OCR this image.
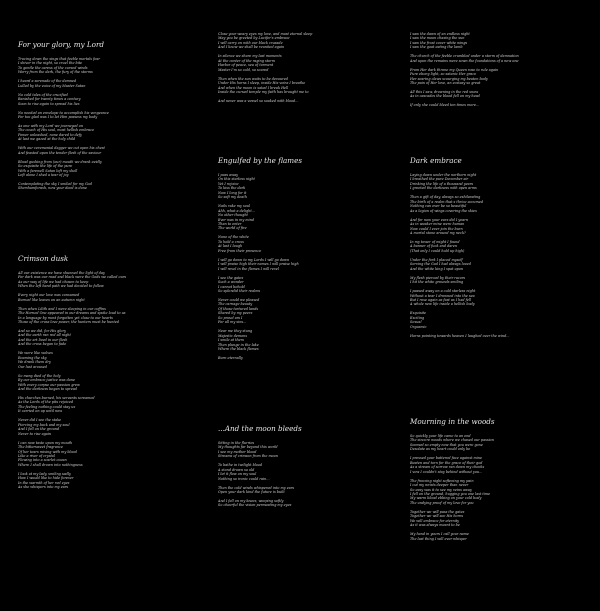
For your glory, my Lord
Tracing down the sings that feeble mortals fear
I shiver in the night, so cruel the bite
To gentle the caress of the cursed winds
Worry from the dark, the fury of the storms
I heard a serenade of the damned
Lulled by the voice of my Master Satan
No cold tales of the crucified
Banished for twenty times a century
Soon to rise again to spread his lies
No needed an envelope to accomplish his vengeance
For too glad was I to let Him possess my body
As one with my Lord we journeyed on
The couch of His soul, most hellish embrace
Power unleashed, none dared to defy
At last we gazed at the holy child
With our ceremonial dagger we cut open his chest
And feasted upon the tender flesh of the saviour
Blood gushing from (our) mouth we drank avidly
So exquisite the life of the pure
With a farewell Satan left my shell
Left alone I shed a tear of joy
Contemplating the sky I smiled for my God
Shemhamforash, now your deed is done
Crimson dusk
All our existence we have shunned the light of day
For dark was our road and black were the Gods we called ours
As our way of life we had chosen to keep
When the left hand path we had decided to follow
Every night our love was consumed
Burned like leaves on an autumn night
Then when Lilith and I were sleeping in our coffins
The Horned One appeared in our dreams and spoke loud to us
In a language by most forgotten yet close to our hearts
Those of the cross love power, the hunters must be hunted
And so we did, for His glory
And the earth ran red all night
And the art lived in our flesh
And the cross began to fade
We were like wolves
Roaming the sky
We drank them dry
Our lust aroused
So many died of the holy
By our embrace justice was done
With every corpse our passion grew
And the darkness began to spread
His churches burned, his servants screamed
As the Lords of the pits rejoiced
The feeling nothing could stay us
It carried on up until now
Never did I see the stake
Piercing my back and my soul
And I fell on the ground
Never to rise again
I can now taste upon my mouth
The bittersweet fragrance
Of her tears mixing with my blood
Like a river of crystal
Flowing into a scarlet ocean
Where I shall drown into nothingness
I look at my lady, smiling sadly
How I would like to hide forever
In the warmth of her red eyes
As she whispers into my ears
Close your weary eyes my love, and most eternal sleep
May you be greeted by Lucifer's embrace
I will carry on with our black crusade
And I know we shall be reunited again
In silence we share my last moments
At the center of the raging storm
Harbor of peace, sea of torment
Master I'm so cold, so scared
Then when the sun waits to be devoured
Under His horns I sleep, inside His veins I breathe
And when the moon is sated I break Hell
Inside the cursed temple my faith has brought me to
And never was a vessel so soaked with blood...
Engulfed by the flames
I pass away
On this starless night
Yet I rejoice
To kiss the dark
Now I long for it
So soft my death
Nails rake my soul
Ahh, what a delight...
No other thought
Ever was in my mind
Than to enter
The world of fire
None of the white
To hold a cross
At last I laugh
Free from their presence
I will go down to my Lords I will go down
I will praise high their names I will praise high
I will revel in the flames I will revel
I see the gates
Such a wonder
I cannot behold
So splendid their realms
Never could we pleased
The carnage beauty
Of those tortured lands
Shared by my peers
So proud am I
For all my sins...
Near me they stung
Majestic demons
I smile at them
Then plunge in the lake
Where the black flames
Burn eternally
...And the moon bleeds
Sitting in the flurries
My thoughts far beyond this world
I see my mother blood
Streams of crimson from the moon
To bathe in twilight blood
A stond drown so old
I let it flow on my soul
Nothing so ironic could rain...
Then the cold winds whispered into my ears
Open your dark kind the future is built
And I fell on my knees, weeping softly
So cheerful the vision permeating my eyes
I saw the dawn of an endless night
I saw the moon chasing the sun
I saw the frost cover white wings
I saw the goat eating the lamb
The church of the feeble crumbled under a storm of damnation
And upon the remains were sown the foundations of a new one
From Her dark throne my Queen rose to rule again
Pure ebony light, so satanic Her grace
Her searing claws scourging my beaten body
The pain of Her love, an ecstasy so great
All this I saw, drowning in the red snow
As in cascades the blood fell on my head
If only she could bleed ten times more...
Dark embrace
Laying down under the northern night
I breathed the pure December air
Drinking the life of a thousand years
I greeted the darkness with open arms
Then a gift of day, always so exhilarating
The birth of a realm that s thrice accursed
Nothing can ever be so beautiful
As a legion of wings covering the skies
And for now your ears did I yearn
As in weaker mine were human
Now could I ever join the burn
A mortal stone around my neck?
In my tower of might I found
A banner of fuck and daren
(That only I could hold up high)
Under the fork I placed myself
Serving the God I had always loved
And the white king I spat upon
My flesh pierced by their razors
I hit the white grounds smiling
I passed away on a cold starless night
Without a tear I drowned into the sea
But I rose again as fast as I had fell
A whole new life inside a hellish body
Exquisite
Exciting
Sexual
Orgasmic
Horns pointing towards heaven I laughed over the wind...
Mourning in the woods
So quickly your life came to an end
The sincere woods where we chased our passion
Seemed so empty now that you were gone
Desolate as my heart could only be
I pressed your battered face against mine
Beaten and torn for the grace of their god
As a stream of sorrow ran down my cheeks
I vow I couldn't stay behind without you...
The freezing night softening my pain
I cut my wrists deeper than never
So easy was it to see my veins away
I fell on the ground, hugging you one last time
My warm blood ebbing on your cold body
The undying proof of my love for you
Together we will pass the gates
Together we will see His horns
We will embrace for eternity
As it was always meant to be
My hand in yours I call your name
The last thing I will ever whisper
